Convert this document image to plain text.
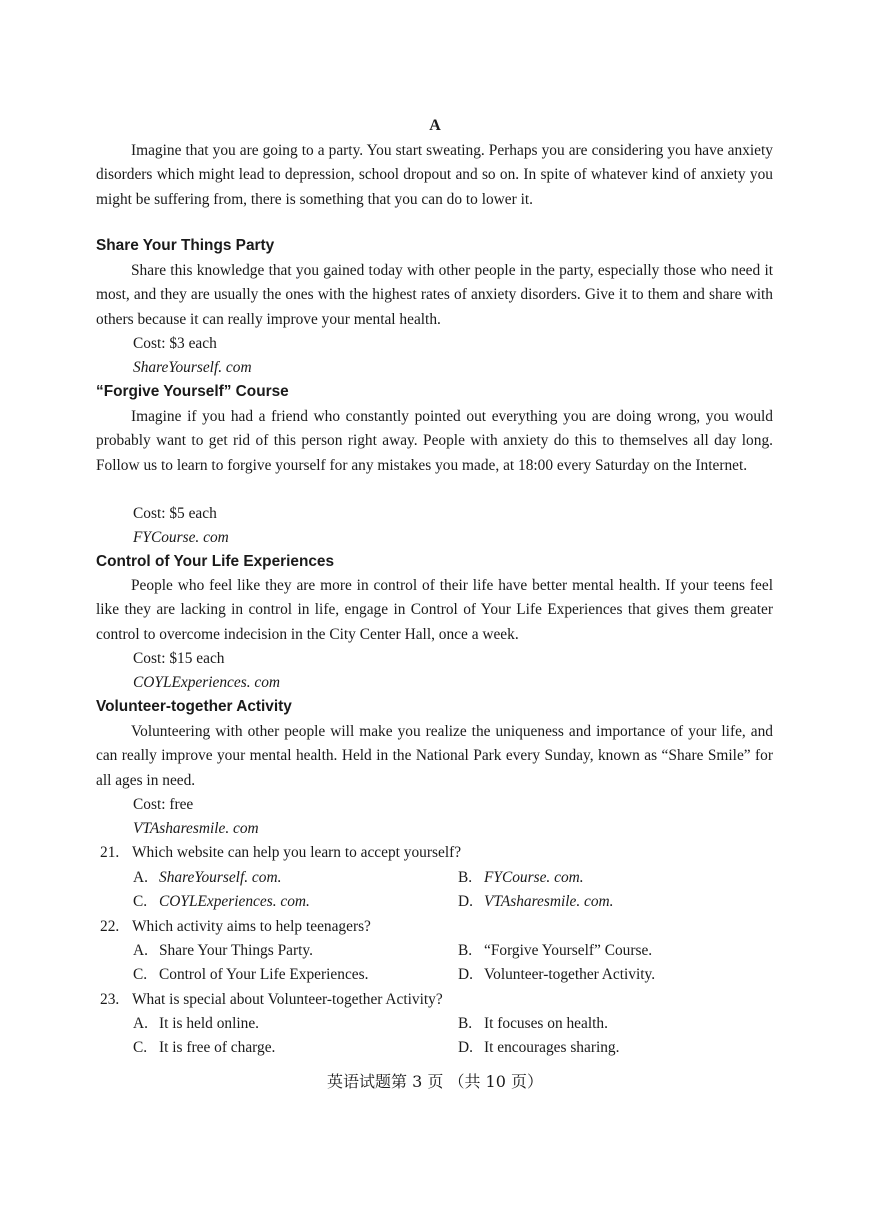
A

Imagine that you are going to a party. You start sweating. Perhaps you are considering you have anxiety disorders which might lead to depression, school dropout and so on. In spite of whatever kind of anxiety you might be suffering from, there is something that you can do to lower it.

Share Your Things Party

Share this knowledge that you gained today with other people in the party, especially those who need it most, and they are usually the ones with the highest rates of anxiety disorders. Give it to them and share with others because it can really improve your mental health.

Cost: $3 each
ShareYourself. com
“Forgive Yourself” Course

Imagine if you had a friend who constantly pointed out everything you are doing wrong, you would probably want to get rid of this person right away. People with anxiety do this to themselves all day long. Follow us to learn to forgive yourself for any mistakes you made, at 18:00 every Saturday on the Internet.

Cost: $5 each
FYCourse. com
Control of Your Life Experiences

People who feel like they are more in control of their life have better mental health. If your teens feel like they are lacking in control in life, engage in Control of Your Life Experiences that gives them greater control to overcome indecision in the City Center Hall, once a week.

Cost: $15 each
COYLExperiences. com
Volunteer-together Activity

Volunteering with other people will make you realize the uniqueness and importance of your life, and can really improve your mental health. Held in the National Park every Sunday, known as “Share Smile” for all ages in need.

Cost: free
VTAsharesmile. com
21. Which website can help you learn to accept yourself?
A. ShareYourself. com.	B. FYCourse. com.
C. COYLExperiences. com.	D. VTAsharesmile. com.
22. Which activity aims to help teenagers?
A. Share Your Things Party.	B. “Forgive Yourself” Course.
C. Control of Your Life Experiences.	D. Volunteer-together Activity.
23. What is special about Volunteer-together Activity?
A. It is held online.	B. It focuses on health.
C. It is free of charge.	D. It encourages sharing.
英语试题第 3 页 （共 10 页）
